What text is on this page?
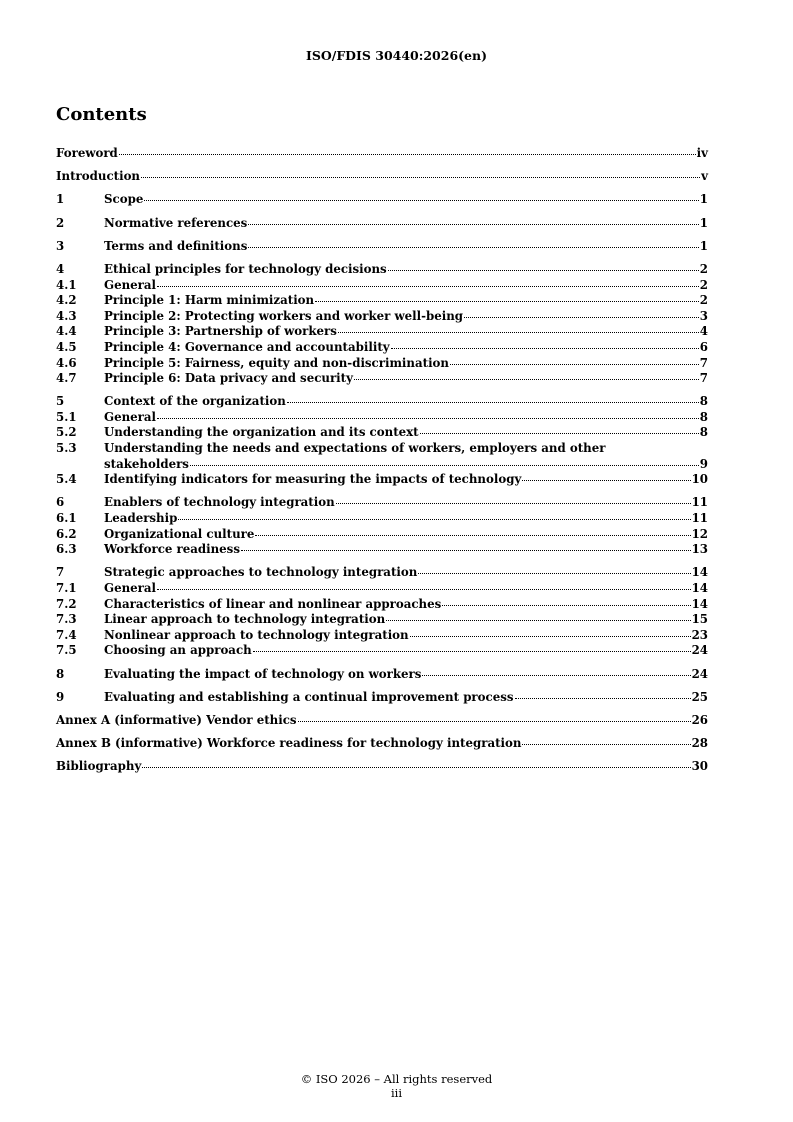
ISO/FDIS 30440:2026(en)
Contents
Foreword	iv
Introduction	v
1	Scope	1
2	Normative references	1
3	Terms and definitions	1
4	Ethical principles for technology decisions	2
4.1	General	2
4.2	Principle 1: Harm minimization	2
4.3	Principle 2: Protecting workers and worker well-being	3
4.4	Principle 3: Partnership of workers	4
4.5	Principle 4: Governance and accountability	6
4.6	Principle 5: Fairness, equity and non-discrimination	7
4.7	Principle 6: Data privacy and security	7
5	Context of the organization	8
5.1	General	8
5.2	Understanding the organization and its context	8
5.3	Understanding the needs and expectations of workers, employers and other
stakeholders	9
5.4	Identifying indicators for measuring the impacts of technology	10
6	Enablers of technology integration	11
6.1	Leadership	11
6.2	Organizational culture	12
6.3	Workforce readiness	13
7	Strategic approaches to technology integration	14
7.1	General	14
7.2	Characteristics of linear and nonlinear approaches	14
7.3	Linear approach to technology integration	15
7.4	Nonlinear approach to technology integration	23
7.5	Choosing an approach	24
8	Evaluating the impact of technology on workers	24
9	Evaluating and establishing a continual improvement process	25
Annex A (informative) Vendor ethics	26
Annex B (informative) Workforce readiness for technology integration	28
Bibliography	30
© ISO 2026 – All rights reserved
iii
